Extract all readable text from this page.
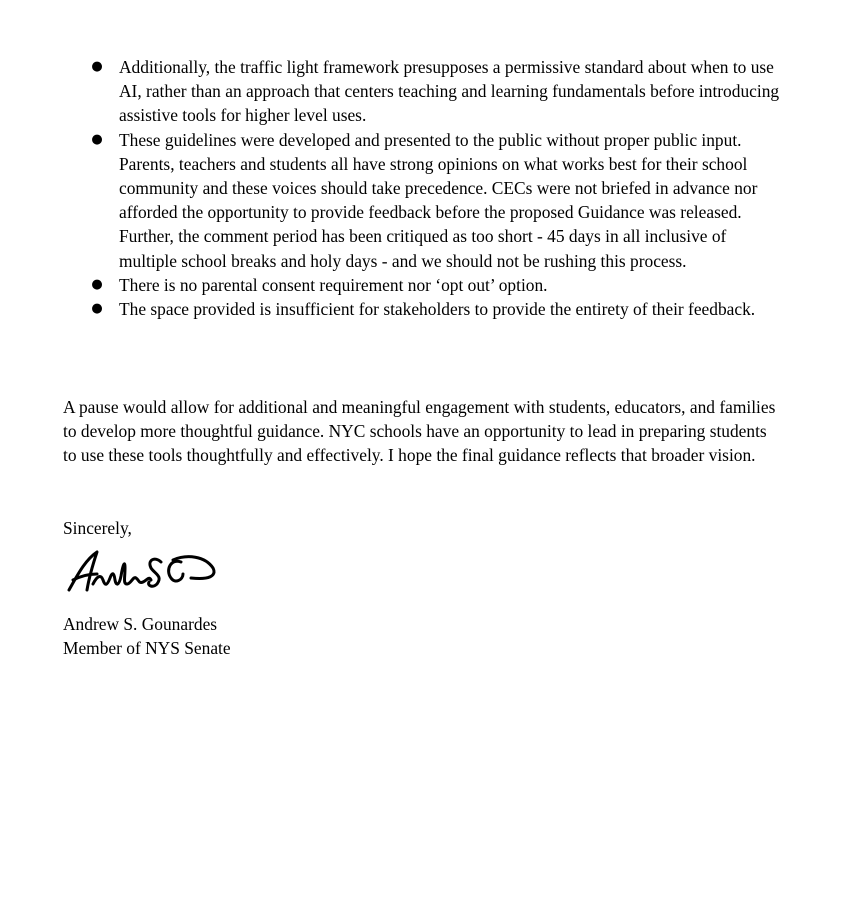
● Additionally, the traffic light framework presupposes a permissive standard about when to use AI, rather than an approach that centers teaching and learning fundamentals before introducing assistive tools for higher level uses.
● These guidelines were developed and presented to the public without proper public input. Parents, teachers and students all have strong opinions on what works best for their school community and these voices should take precedence. CECs were not briefed in advance nor afforded the opportunity to provide feedback before the proposed Guidance was released. Further, the comment period has been critiqued as too short - 45 days in all inclusive of multiple school breaks and holy days - and we should not be rushing this process.
● There is no parental consent requirement nor ‘opt out’ option.
● The space provided is insufficient for stakeholders to provide the entirety of their feedback.

A pause would allow for additional and meaningful engagement with students, educators, and families to develop more thoughtful guidance. NYC schools have an opportunity to lead in preparing students to use these tools thoughtfully and effectively. I hope the final guidance reflects that broader vision.

Sincerely,

Andrew S. Gounardes
Member of NYS Senate
